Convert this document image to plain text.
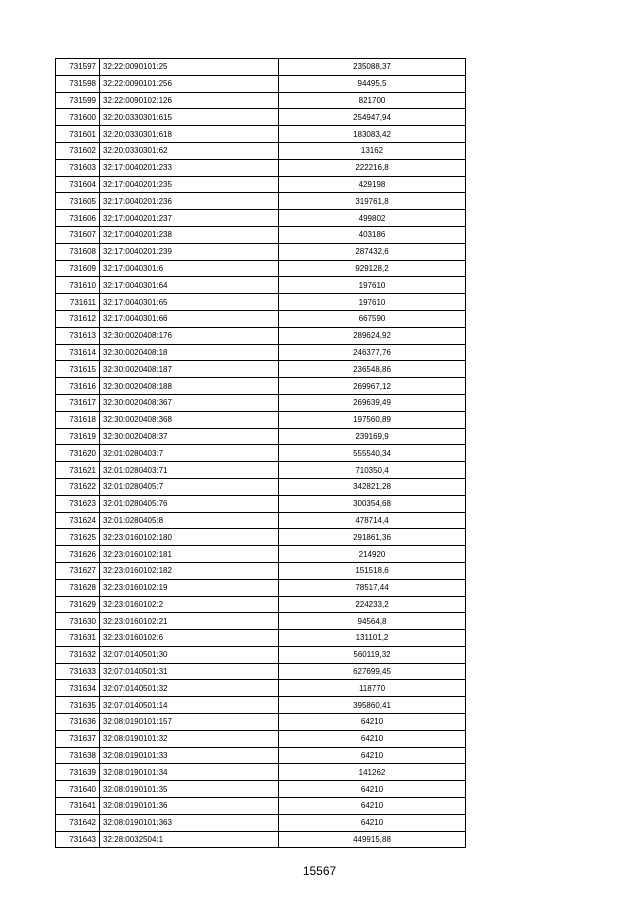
731597	32:22:0090101:25	235088,37
731598	32:22:0090101:256	94495,5
731599	32:22:0090102:126	821700
731600	32:20:0330301:615	254947,94
731601	32:20:0330301:618	183083,42
731602	32:20:0330301:62	13162
731603	32:17:0040201:233	222216,8
731604	32:17:0040201:235	429198
731605	32:17:0040201:236	319761,8
731606	32:17:0040201:237	499802
731607	32:17:0040201:238	403186
731608	32:17:0040201:239	287432,6
731609	32:17:0040301:6	929128,2
731610	32:17:0040301:64	197610
731611	32:17:0040301:65	197610
731612	32:17:0040301:66	667590
731613	32:30:0020408:176	289624,92
731614	32:30:0020408:18	246377,76
731615	32:30:0020408:187	236548,86
731616	32:30:0020408:188	269967,12
731617	32:30:0020408:367	269639,49
731618	32:30:0020408:368	197560,89
731619	32:30:0020408:37	239169,9
731620	32:01:0280403:7	555540,34
731621	32:01:0280403:71	710350,4
731622	32:01:0280405:7	342821,28
731623	32:01:0280405:76	300354,68
731624	32:01:0280405:8	478714,4
731625	32:23:0160102:180	291861,36
731626	32:23:0160102:181	214920
731627	32:23:0160102:182	151518,6
731628	32:23:0160102:19	78517,44
731629	32:23:0160102:2	224233,2
731630	32:23:0160102:21	94564,8
731631	32:23:0160102:6	131101,2
731632	32:07:0140501:30	560119,32
731633	32:07:0140501:31	627699,45
731634	32:07:0140501:32	118770
731635	32:07:0140501:14	395860,41
731636	32:08:0190101:157	64210
731637	32:08:0190101:32	64210
731638	32:08:0190101:33	64210
731639	32:08:0190101:34	141262
731640	32:08:0190101:35	64210
731641	32:08:0190101:36	64210
731642	32:08:0190101:363	64210
731643	32:28:0032504:1	449915,88
15567
